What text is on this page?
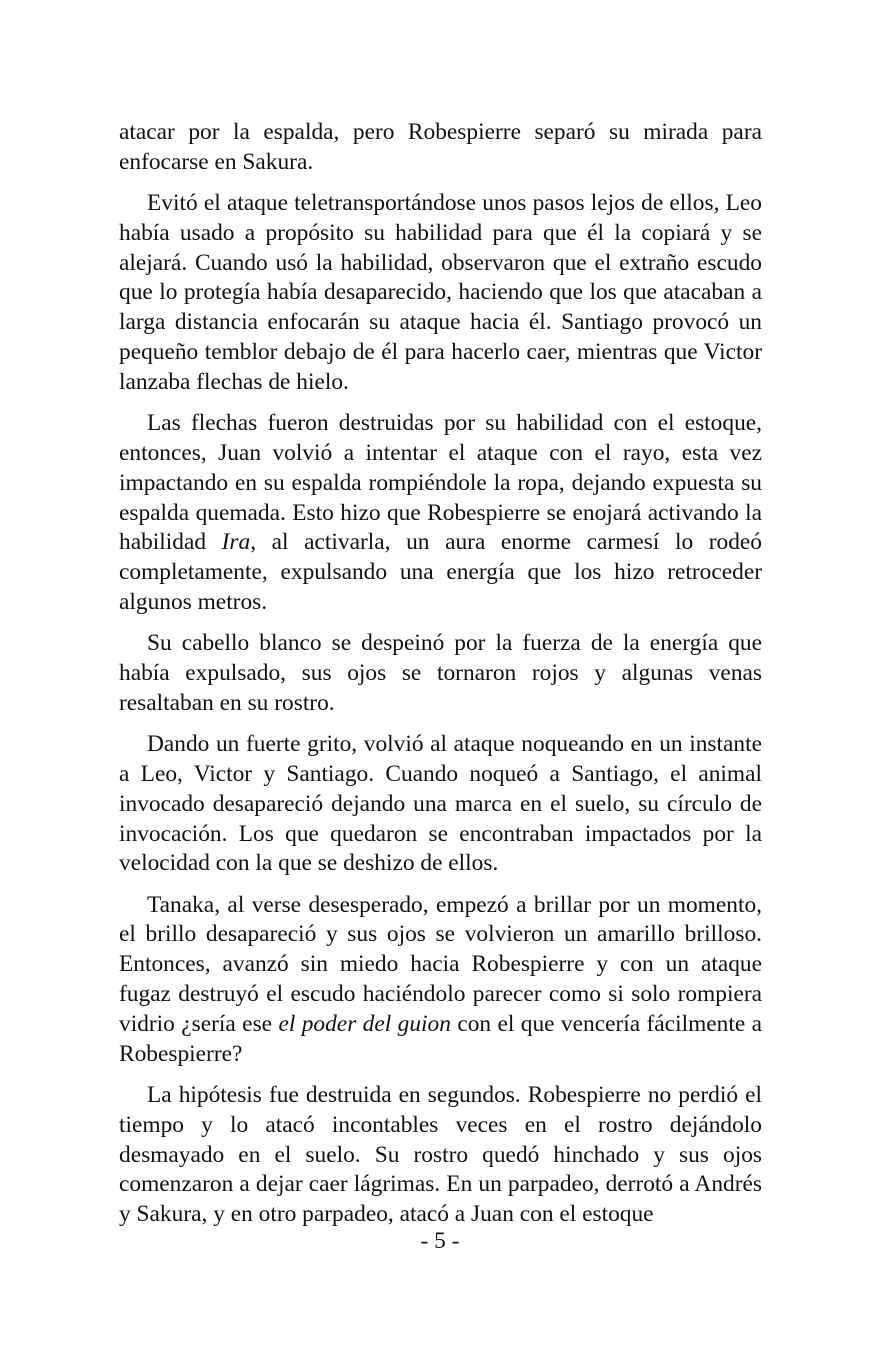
atacar por la espalda, pero Robespierre separó su mirada para enfocarse en Sakura.

Evitó el ataque teletransportándose unos pasos lejos de ellos, Leo había usado a propósito su habilidad para que él la copiará y se alejará. Cuando usó la habilidad, observaron que el extraño escudo que lo protegía había desaparecido, haciendo que los que atacaban a larga distancia enfocarán su ataque hacia él. Santiago provocó un pequeño temblor debajo de él para hacerlo caer, mientras que Victor lanzaba flechas de hielo.

Las flechas fueron destruidas por su habilidad con el estoque, entonces, Juan volvió a intentar el ataque con el rayo, esta vez impactando en su espalda rompiéndole la ropa, dejando expuesta su espalda quemada. Esto hizo que Robespierre se enojará activando la habilidad Ira, al activarla, un aura enorme carmesí lo rodeó completamente, expulsando una energía que los hizo retroceder algunos metros.

Su cabello blanco se despeinó por la fuerza de la energía que había expulsado, sus ojos se tornaron rojos y algunas venas resaltaban en su rostro.

Dando un fuerte grito, volvió al ataque noqueando en un instante a Leo, Victor y Santiago. Cuando noqueó a Santiago, el animal invocado desapareció dejando una marca en el suelo, su círculo de invocación. Los que quedaron se encontraban impactados por la velocidad con la que se deshizo de ellos.

Tanaka, al verse desesperado, empezó a brillar por un momento, el brillo desapareció y sus ojos se volvieron un amarillo brilloso. Entonces, avanzó sin miedo hacia Robespierre y con un ataque fugaz destruyó el escudo haciéndolo parecer como si solo rompiera vidrio ¿sería ese el poder del guion con el que vencería fácilmente a Robespierre?

La hipótesis fue destruida en segundos. Robespierre no perdió el tiempo y lo atacó incontables veces en el rostro dejándolo desmayado en el suelo. Su rostro quedó hinchado y sus ojos comenzaron a dejar caer lágrimas. En un parpadeo, derrotó a Andrés y Sakura, y en otro parpadeo, atacó a Juan con el estoque

- 5 -
